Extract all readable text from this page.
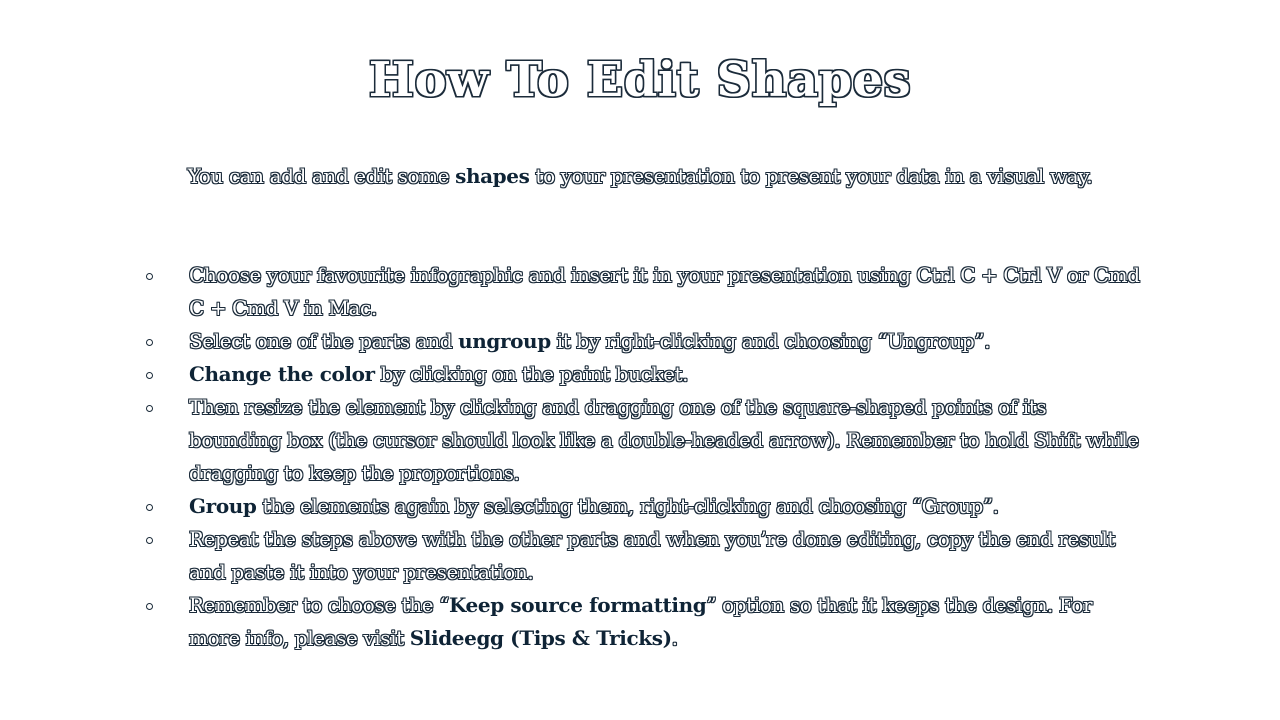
How To Edit Shapes
You can add and edit some shapes to your presentation to present your data in a visual way.
Choose your favourite infographic and insert it in your presentation using Ctrl C + Ctrl V or Cmd C + Cmd V in Mac.
Select one of the parts and ungroup it by right-clicking and choosing “Ungroup”.
Change the color by clicking on the paint bucket.
Then resize the element by clicking and dragging one of the square-shaped points of its bounding box (the cursor should look like a double-headed arrow). Remember to hold Shift while dragging to keep the proportions.
Group the elements again by selecting them, right-clicking and choosing “Group”.
Repeat the steps above with the other parts and when you’re done editing, copy the end result and paste it into your presentation.
Remember to choose the “Keep source formatting” option so that it keeps the design. For more info, please visit Slideegg (Tips & Tricks).
